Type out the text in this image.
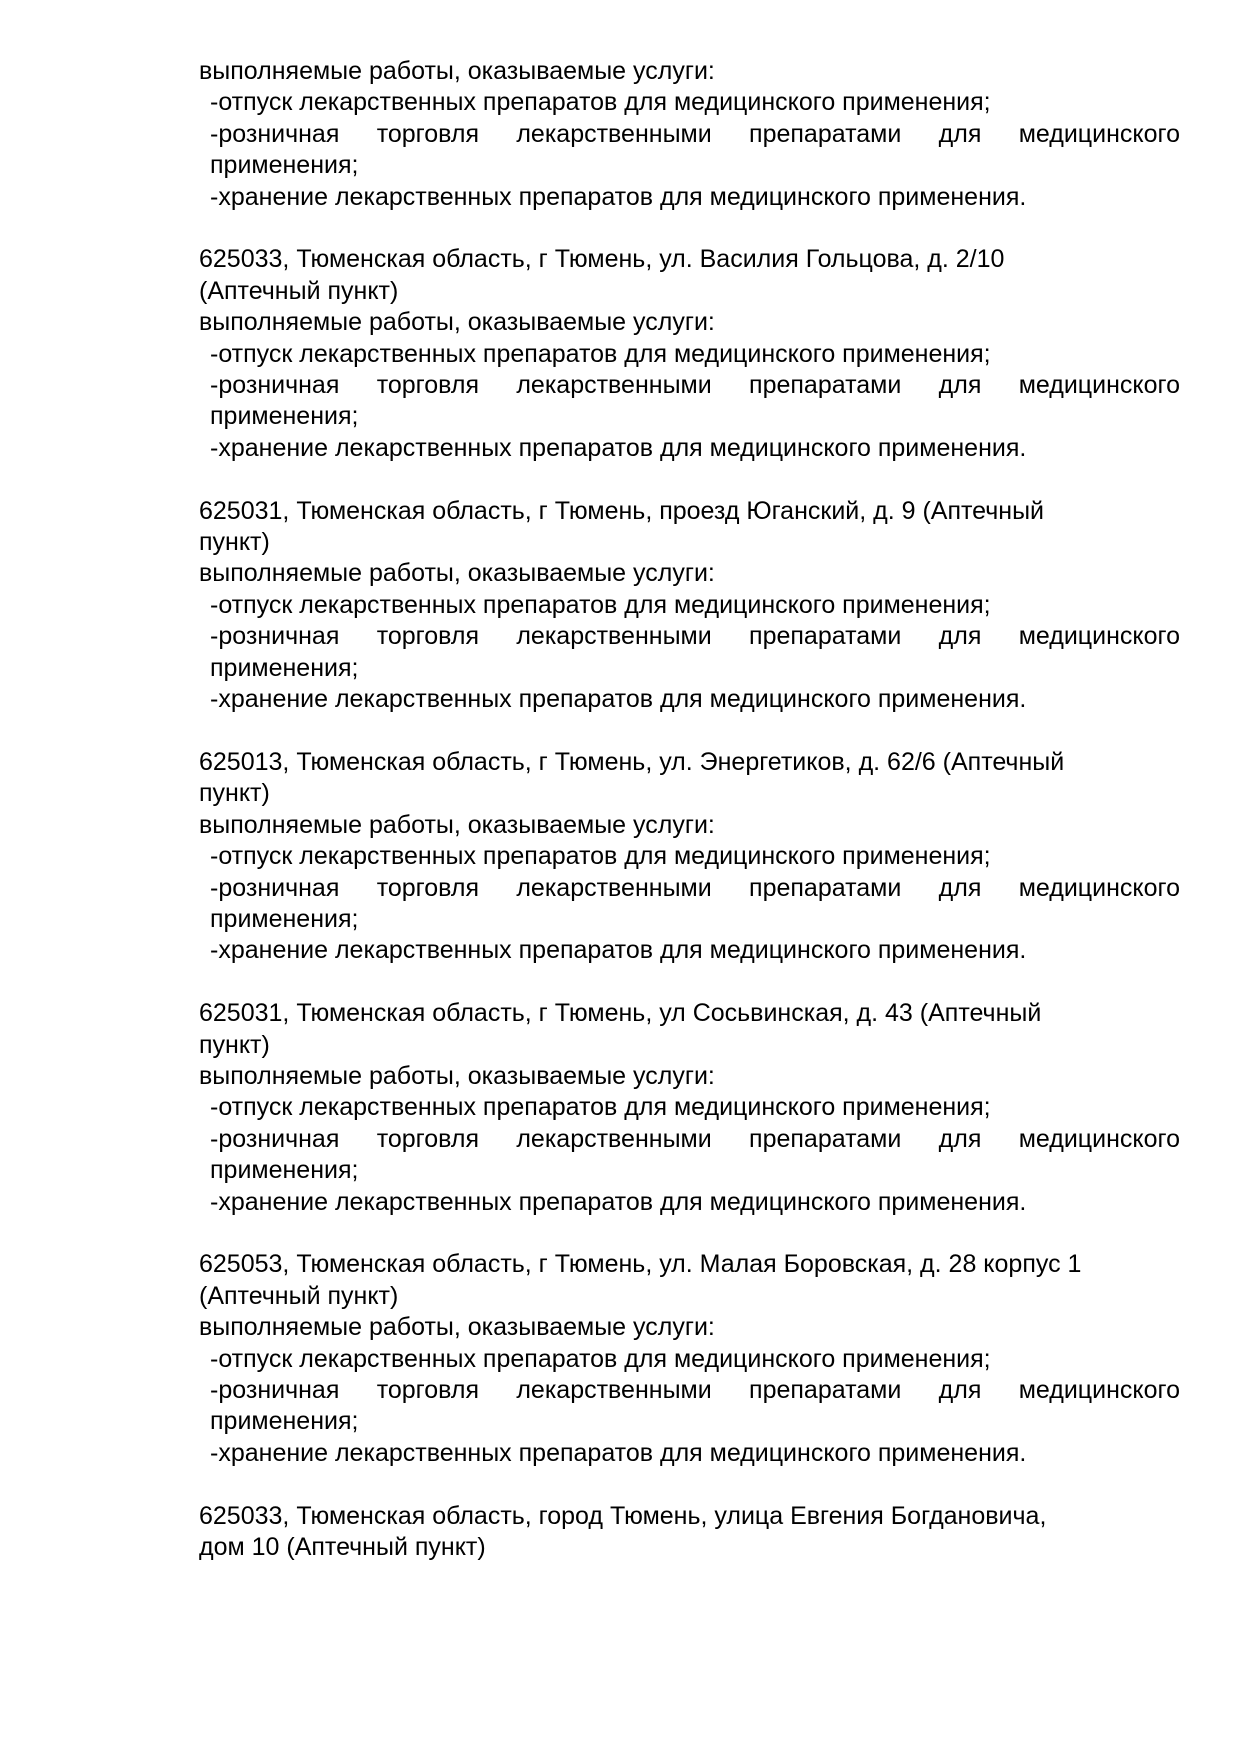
выполняемые работы, оказываемые услуги:
-отпуск лекарственных препаратов для медицинского применения;
-розничная торговля лекарственными препаратами для медицинского
применения;
-хранение лекарственных препаратов для медицинского применения.
625033, Тюменская область, г Тюмень, ул. Василия Гольцова, д. 2/10
(Аптечный пункт)
выполняемые работы, оказываемые услуги:
-отпуск лекарственных препаратов для медицинского применения;
-розничная торговля лекарственными препаратами для медицинского
применения;
-хранение лекарственных препаратов для медицинского применения.
625031, Тюменская область, г Тюмень, проезд Юганский, д. 9 (Аптечный
пункт)
выполняемые работы, оказываемые услуги:
-отпуск лекарственных препаратов для медицинского применения;
-розничная торговля лекарственными препаратами для медицинского
применения;
-хранение лекарственных препаратов для медицинского применения.
625013, Тюменская область, г Тюмень, ул. Энергетиков, д. 62/6 (Аптечный
пункт)
выполняемые работы, оказываемые услуги:
-отпуск лекарственных препаратов для медицинского применения;
-розничная торговля лекарственными препаратами для медицинского
применения;
-хранение лекарственных препаратов для медицинского применения.
625031, Тюменская область, г Тюмень, ул Сосьвинская, д. 43 (Аптечный
пункт)
выполняемые работы, оказываемые услуги:
-отпуск лекарственных препаратов для медицинского применения;
-розничная торговля лекарственными препаратами для медицинского
применения;
-хранение лекарственных препаратов для медицинского применения.
625053, Тюменская область, г Тюмень, ул. Малая Боровская, д. 28 корпус 1
(Аптечный пункт)
выполняемые работы, оказываемые услуги:
-отпуск лекарственных препаратов для медицинского применения;
-розничная торговля лекарственными препаратами для медицинского
применения;
-хранение лекарственных препаратов для медицинского применения.
625033, Тюменская область, город Тюмень, улица Евгения Богдановича,
дом 10 (Аптечный пункт)
